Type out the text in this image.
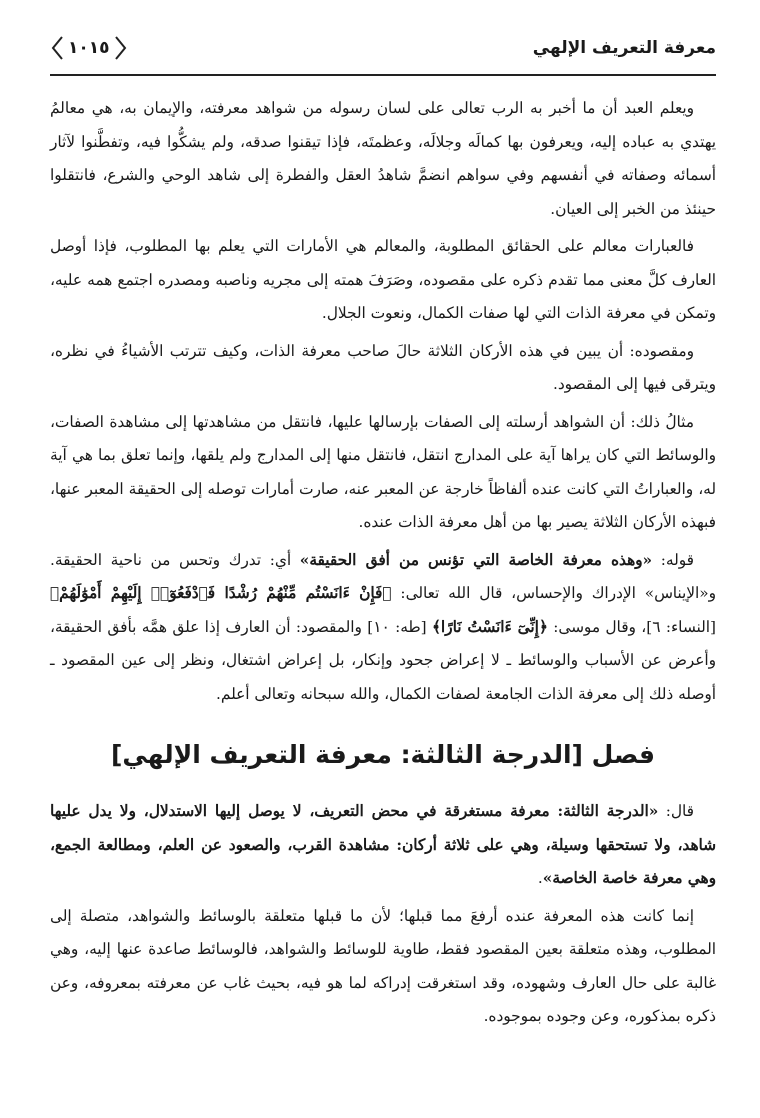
معرفة التعريف الإلهي
١٠١٥

ويعلم العبد أن ما أخبر به الرب تعالى على لسان رسوله من شواهد معرفته، والإيمان به، هي معالمُ يهتدي به عباده إليه، ويعرفون بها كمالَه وجلالَه، وعظمتَه، فإذا تيقنوا صدقه، ولم يشكُّوا فيه، وتفطَّنوا لآثار أسمائه وصفاته في أنفسهم وفي سواهم انضمَّ شاهدُ العقل والفطرة إلى شاهد الوحي والشرع، فانتقلوا حينئذ من الخبر إلى العيان.

فالعبارات معالم على الحقائق المطلوبة، والمعالم هي الأمارات التي يعلم بها المطلوب، فإذا أوصل العارف كلَّ معنى مما تقدم ذكره على مقصوده، وصَرَفَ همته إلى مجريه وناصبه ومصدره اجتمع همه عليه، وتمكن في معرفة الذات التي لها صفات الكمال، ونعوت الجلال.

ومقصوده: أن يبين في هذه الأركان الثلاثة حالَ صاحب معرفة الذات، وكيف تترتب الأشياءُ في نظره، ويترقى فيها إلى المقصود.

مثالُ ذلك: أن الشواهد أرسلته إلى الصفات بإرسالها عليها، فانتقل من مشاهدتها إلى مشاهدة الصفات، والوسائط التي كان يراها آية على المدارج انتقل، فانتقل منها إلى المدارج ولم يلقها، وإنما تعلق بما هي آية له، والعباراتُ التي كانت عنده ألفاظاً خارجة عن المعبر عنه، صارت أمارات توصله إلى الحقيقة المعبر عنها، فبهذه الأركان الثلاثة يصير بها من أهل معرفة الذات عنده.

قوله: «وهذه معرفة الخاصة التي تؤنس من أفق الحقيقة» أي: تدرك وتحس من ناحية الحقيقة. و«الإيناس» الإدراك والإحساس، قال الله تعالى: ﴿فَإِنْ ءَانَسْتُم مِّنْهُمْ رُشْدًا فَٱدْفَعُوٓا۟ إِلَيْهِمْ أَمْوَٰلَهُمْ﴾ [النساء: ٦]، وقال موسى: ﴿إِنِّىٓ ءَانَسْتُ نَارًا﴾ [طه: ١٠] والمقصود: أن العارف إذا علق همَّه بأفق الحقيقة، وأعرض عن الأسباب والوسائط ـ لا إعراض جحود وإنكار، بل إعراض اشتغال، ونظر إلى عين المقصود ـ أوصله ذلك إلى معرفة الذات الجامعة لصفات الكمال، والله سبحانه وتعالى أعلم.

فصل [الدرجة الثالثة: معرفة التعريف الإلهي]

قال: «الدرجة الثالثة: معرفة مستغرقة في محض التعريف، لا يوصل إليها الاستدلال، ولا يدل عليها شاهد، ولا تستحقها وسيلة، وهي على ثلاثة أركان: مشاهدة القرب، والصعود عن العلم، ومطالعة الجمع، وهي معرفة خاصة الخاصة».

إنما كانت هذه المعرفة عنده أرفعَ مما قبلها؛ لأن ما قبلها متعلقة بالوسائط والشواهد، متصلة إلى المطلوب، وهذه متعلقة بعين المقصود فقط، طاوية للوسائط والشواهد، فالوسائط صاعدة عنها إليه، وهي غالبة على حال العارف وشهوده، وقد استغرقت إدراكه لما هو فيه، بحيث غاب عن معرفته بمعروفه، وعن ذكره بمذكوره، وعن وجوده بموجوده.
